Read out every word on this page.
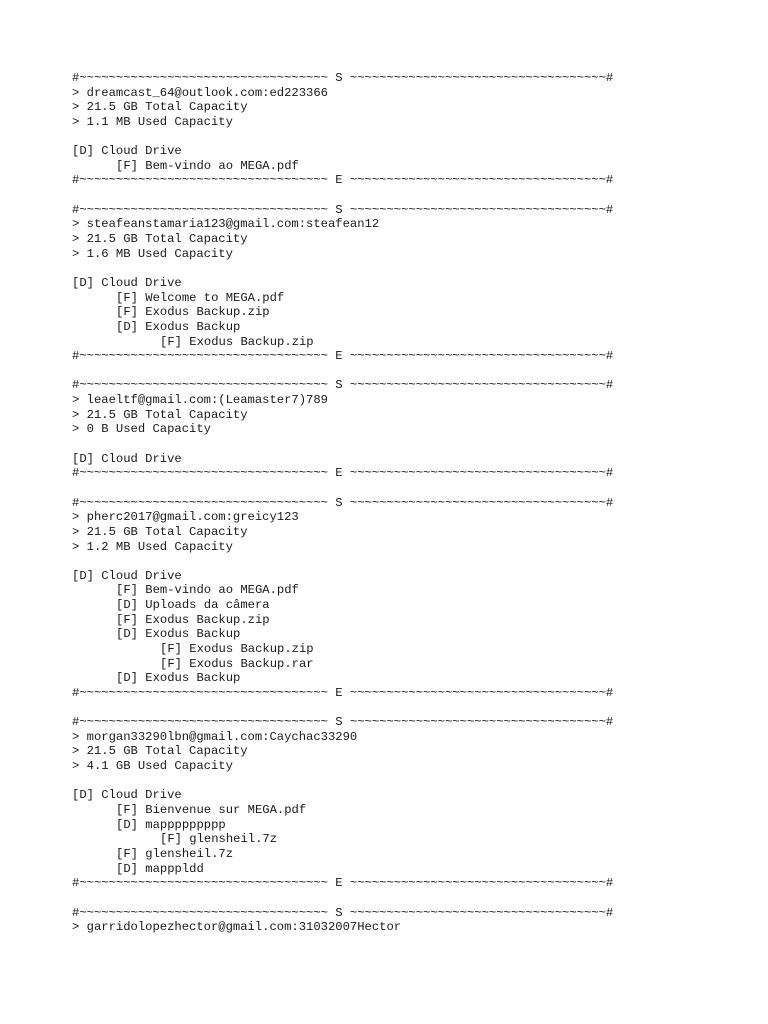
#~~~~~~~~~~~~~~~~~~~~~~~~~~~~~~~~~~ S ~~~~~~~~~~~~~~~~~~~~~~~~~~~~~~~~~~~#
> dreamcast_64@outlook.com:ed223366
> 21.5 GB Total Capacity
> 1.1 MB Used Capacity
[D] Cloud Drive
[F] Bem-vindo ao MEGA.pdf
#~~~~~~~~~~~~~~~~~~~~~~~~~~~~~~~~~~ E ~~~~~~~~~~~~~~~~~~~~~~~~~~~~~~~~~~~#
#~~~~~~~~~~~~~~~~~~~~~~~~~~~~~~~~~~ S ~~~~~~~~~~~~~~~~~~~~~~~~~~~~~~~~~~~#
> steafeanstamaria123@gmail.com:steafean12
> 21.5 GB Total Capacity
> 1.6 MB Used Capacity
[D] Cloud Drive
[F] Welcome to MEGA.pdf
[F] Exodus Backup.zip
[D] Exodus Backup
[F] Exodus Backup.zip
#~~~~~~~~~~~~~~~~~~~~~~~~~~~~~~~~~~ E ~~~~~~~~~~~~~~~~~~~~~~~~~~~~~~~~~~~#
#~~~~~~~~~~~~~~~~~~~~~~~~~~~~~~~~~~ S ~~~~~~~~~~~~~~~~~~~~~~~~~~~~~~~~~~~#
> leaeltf@gmail.com:(Leamaster7)789
> 21.5 GB Total Capacity
> 0 B Used Capacity
[D] Cloud Drive
#~~~~~~~~~~~~~~~~~~~~~~~~~~~~~~~~~~ E ~~~~~~~~~~~~~~~~~~~~~~~~~~~~~~~~~~~#
#~~~~~~~~~~~~~~~~~~~~~~~~~~~~~~~~~~ S ~~~~~~~~~~~~~~~~~~~~~~~~~~~~~~~~~~~#
> pherc2017@gmail.com:greicy123
> 21.5 GB Total Capacity
> 1.2 MB Used Capacity
[D] Cloud Drive
[F] Bem-vindo ao MEGA.pdf
[D] Uploads da câmera
[F] Exodus Backup.zip
[D] Exodus Backup
[F] Exodus Backup.zip
[F] Exodus Backup.rar
[D] Exodus Backup
#~~~~~~~~~~~~~~~~~~~~~~~~~~~~~~~~~~ E ~~~~~~~~~~~~~~~~~~~~~~~~~~~~~~~~~~~#
#~~~~~~~~~~~~~~~~~~~~~~~~~~~~~~~~~~ S ~~~~~~~~~~~~~~~~~~~~~~~~~~~~~~~~~~~#
> morgan33290lbn@gmail.com:Caychac33290
> 21.5 GB Total Capacity
> 4.1 GB Used Capacity
[D] Cloud Drive
[F] Bienvenue sur MEGA.pdf
[D] mappppppppp
[F] glensheil.7z
[F] glensheil.7z
[D] mapppldd
#~~~~~~~~~~~~~~~~~~~~~~~~~~~~~~~~~~ E ~~~~~~~~~~~~~~~~~~~~~~~~~~~~~~~~~~~#
#~~~~~~~~~~~~~~~~~~~~~~~~~~~~~~~~~~ S ~~~~~~~~~~~~~~~~~~~~~~~~~~~~~~~~~~~#
> garridolopezhector@gmail.com:31032007Hector
